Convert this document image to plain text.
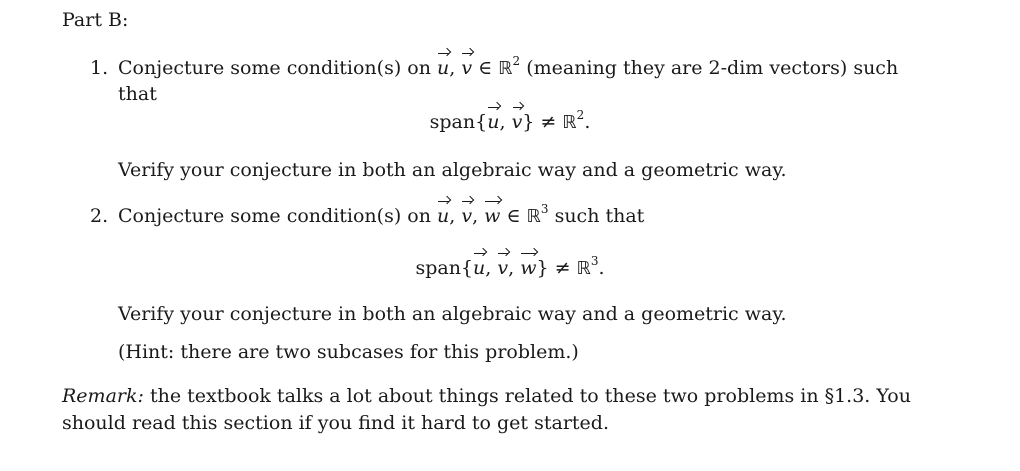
Part B:
1. Conjecture some condition(s) on u, v ∈ ℝ$^2$ (meaning they are 2-dim vectors) such
that
span{u, v} ≠ ℝ$^2$.
Verify your conjecture in both an algebraic way and a geometric way.
2. Conjecture some condition(s) on u, v, w ∈ ℝ$^3$ such that
span{u, v, w} ≠ ℝ$^3$.
Verify your conjecture in both an algebraic way and a geometric way.
(Hint: there are two subcases for this problem.)
Remark: the textbook talks a lot about things related to these two problems in §1.3. You
should read this section if you find it hard to get started.
